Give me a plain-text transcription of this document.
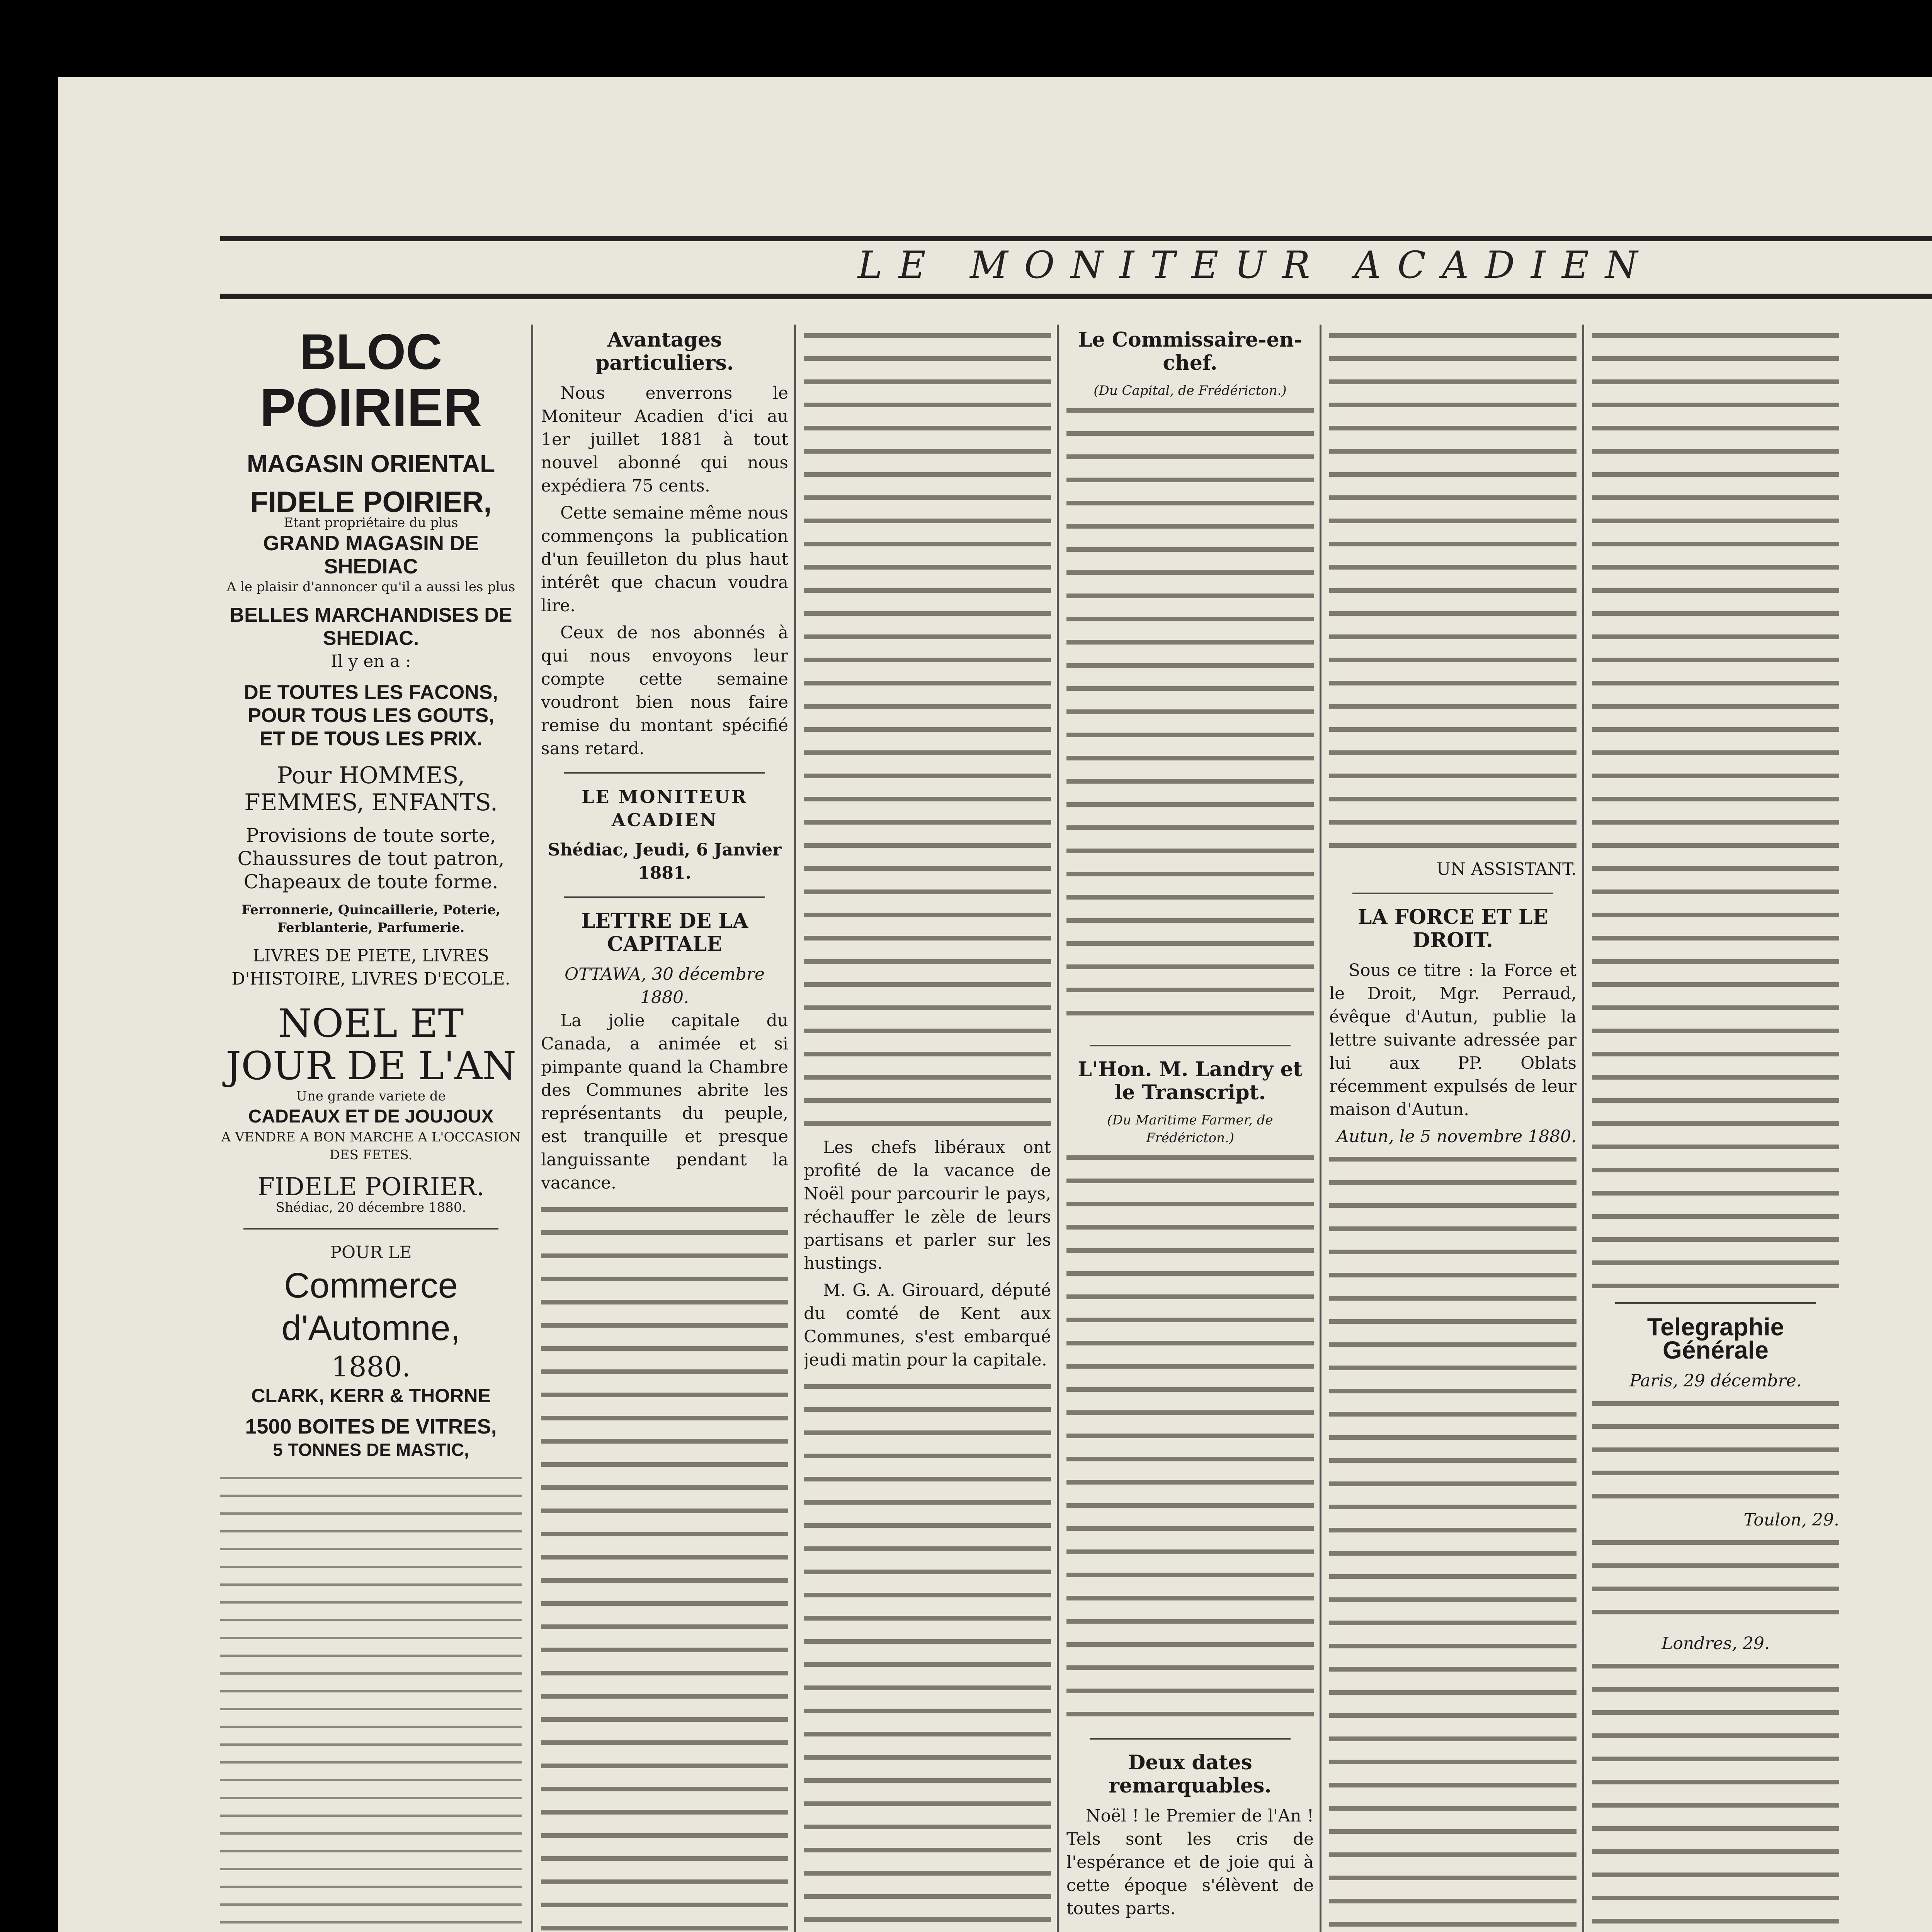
LE MONITEUR ACADIEN
BLOC
POIRIER
MAGASIN ORIENTAL
FIDELE POIRIER,
Etant propriétaire du plus
GRAND MAGASIN DE SHEDIAC
A le plaisir d'annoncer qu'il a aussi les plus
BELLES MARCHANDISES DE SHEDIAC.
Il y en a :
DE TOUTES LES FACONS,
POUR TOUS LES GOUTS,
ET DE TOUS LES PRIX.
Pour HOMMES, FEMMES, ENFANTS.
Provisions de toute sorte, Chaussures de tout patron, Chapeaux de toute forme.
Ferronnerie, Quincaillerie, Poterie, Ferblanterie, Parfumerie.
LIVRES DE PIETE, LIVRES D'HISTOIRE, LIVRES D'ECOLE.
NOEL ET JOUR DE L'AN
Une grande variete de
CADEAUX ET DE JOUJOUX
A VENDRE A BON MARCHE A L'OCCASION DES FETES.
FIDELE POIRIER.
Shédiac, 20 décembre 1880.
POUR LE
Commerce d'Automne,
1880.
CLARK, KERR & THORNE
1500 BOITES DE VITRES,
5 TONNES DE MASTIC,
Avantages particuliers.
Nous enverrons le Moniteur Acadien d'ici au 1er juillet 1881 à tout nouvel abonné qui nous expédiera 75 cents.
Cette semaine même nous commençons la publication d'un feuilleton du plus haut intérêt que chacun voudra lire.
Ceux de nos abonnés à qui nous envoyons leur compte cette semaine voudront bien nous faire remise du montant spécifié sans retard.
LE MONITEUR ACADIEN
Shédiac, Jeudi, 6 Janvier 1881.
LETTRE DE LA CAPITALE
OTTAWA, 30 décembre 1880.
La jolie capitale du Canada, a animée et si pimpante quand la Chambre des Communes abrite les représentants du peuple, est tranquille et presque languissante pendant la vacance.
Les chefs libéraux ont profité de la vacance de Noël pour parcourir le pays, réchauffer le zèle de leurs partisans et parler sur les hustings.
M. G. A. Girouard, député du comté de Kent aux Communes, s'est embarqué jeudi matin pour la capitale.
Le Commissaire-en-chef.
(Du Capital, de Frédéricton.)
L'Hon. M. Landry et le Transcript.
(Du Maritime Farmer, de Frédéricton.)
Deux dates remarquables.
Noël ! le Premier de l'An ! Tels sont les cris de l'espérance et de joie qui à cette époque s'élèvent de toutes parts.
UN ASSISTANT.
LA FORCE ET LE DROIT.
Sous ce titre : la Force et le Droit, Mgr. Perraud, évêque d'Autun, publie la lettre suivante adressée par lui aux PP. Oblats récemment expulsés de leur maison d'Autun.
Autun, le 5 novembre 1880.
Telegraphie Générale
Paris, 29 décembre.
Toulon, 29.
Londres, 29.
